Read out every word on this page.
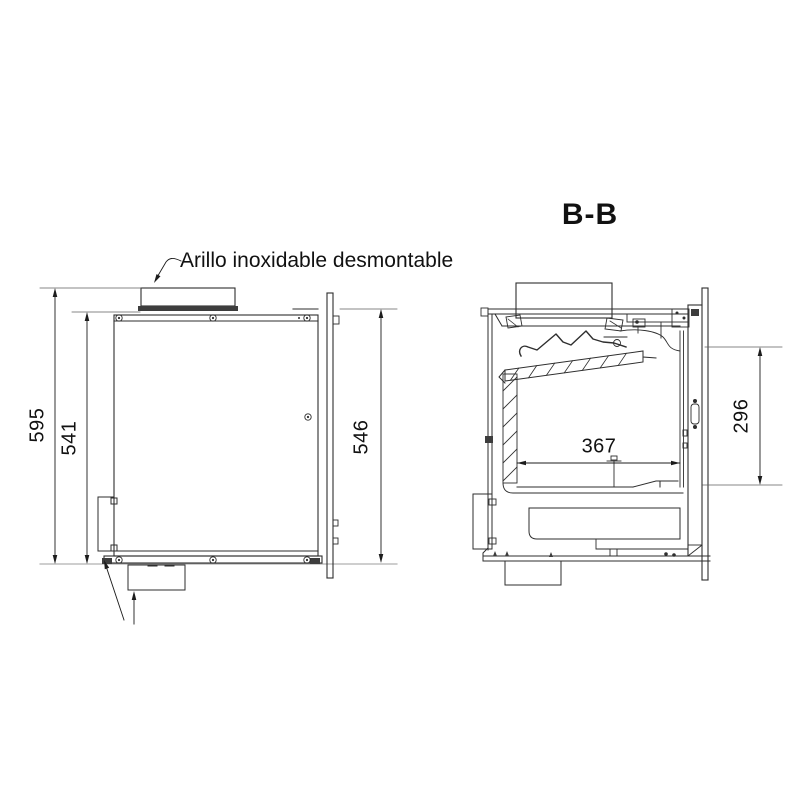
B-B
Arillo inoxidable desmontable
595 541	546	367
296
